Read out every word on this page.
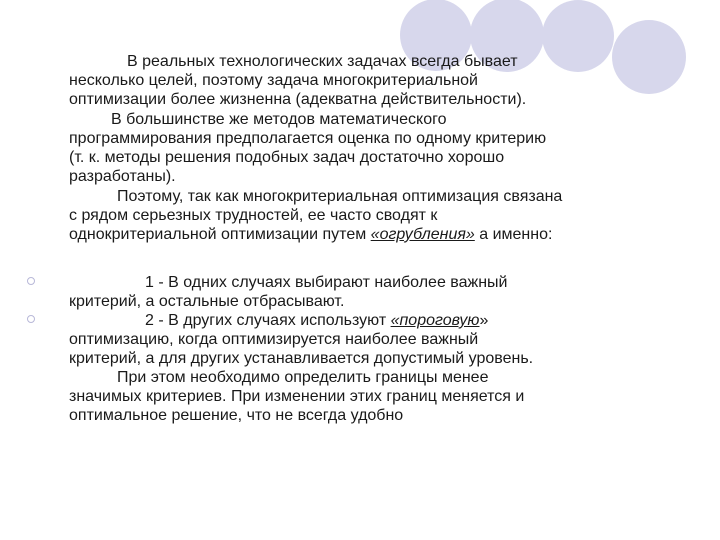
В реальных технологических задачах всегда бывает
несколько целей, поэтому задача многокритериальной
оптимизации более жизненна (адекватна действительности).

В большинстве же методов математического
программирования предполагается оценка по одному критерию
(т. к. методы решения подобных задач достаточно хорошо
разработаны).

Поэтому, так как многокритериальная оптимизация связана
с рядом серьезных трудностей, ее часто сводят к
однокритериальной оптимизации путем «огрубления» а именно:

1 - В одних случаях выбирают наиболее важный
критерий, а остальные отбрасывают.

2 - В других случаях используют «пороговую»
оптимизацию, когда оптимизируется наиболее важный
критерий, а для других устанавливается допустимый уровень.
При этом необходимо определить границы менее
значимых критериев. При изменении этих границ меняется и
оптимальное решение, что не всегда удобно
